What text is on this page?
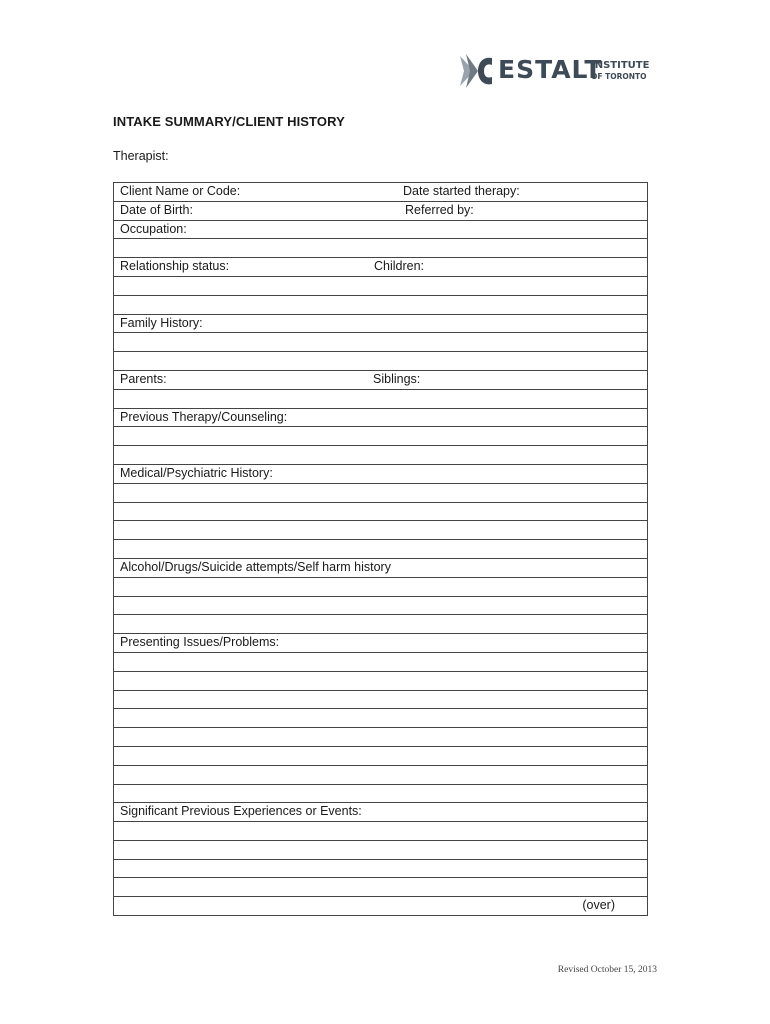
ESTALT
INSTITUTE
OF TORONTO
INTAKE SUMMARY/CLIENT HISTORY
Therapist:
Client Name or Code:	Date started therapy:
Date of Birth:	Referred by:
Occupation:
Relationship status:	Children:
Family History:
Parents:	Siblings:
Previous Therapy/Counseling:
Medical/Psychiatric History:
Alcohol/Drugs/Suicide attempts/Self harm history
Presenting Issues/Problems:
Significant Previous Experiences or Events:
(over)
Revised October 15, 2013
